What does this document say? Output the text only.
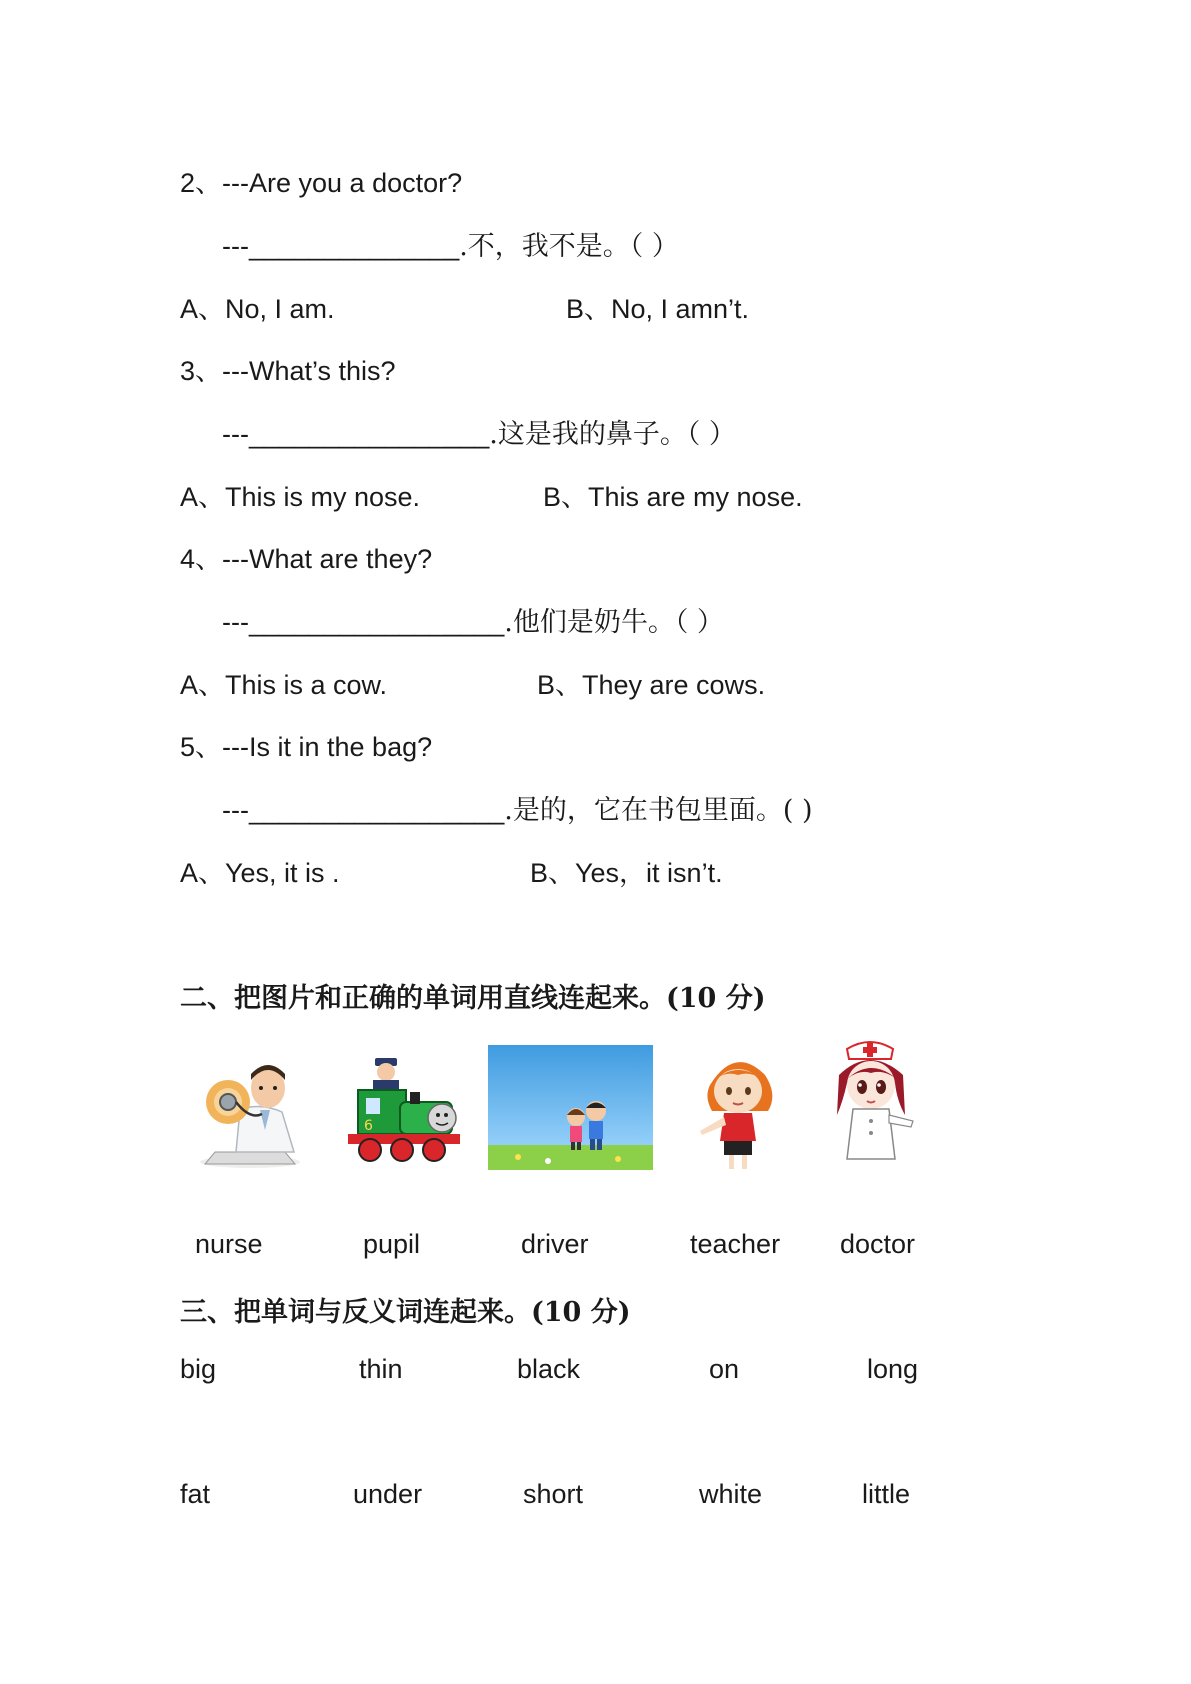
2、---Are you a doctor?
---______________.不，我不是。（ ）
A、No, I am.	B、No, I amn’t.
3、---What’s this?
---________________.这是我的鼻子。（ ）
A、This is my nose.	B、This are my nose.
4、---What are they?
---_________________.他们是奶牛。（ ）
A、This is a cow.	B、They are cows.
5、---Is it in the bag?
---_________________.是的，它在书包里面。( )
A、Yes, it is .	B、Yes，it isn’t.
二、把图片和正确的单词用直线连起来。(10 分)
6
nurse	pupil	driver	teacher doctor
三、把单词与反义词连起来。(10 分)
big	thin	black	on	long
fat	under	short	white	little
